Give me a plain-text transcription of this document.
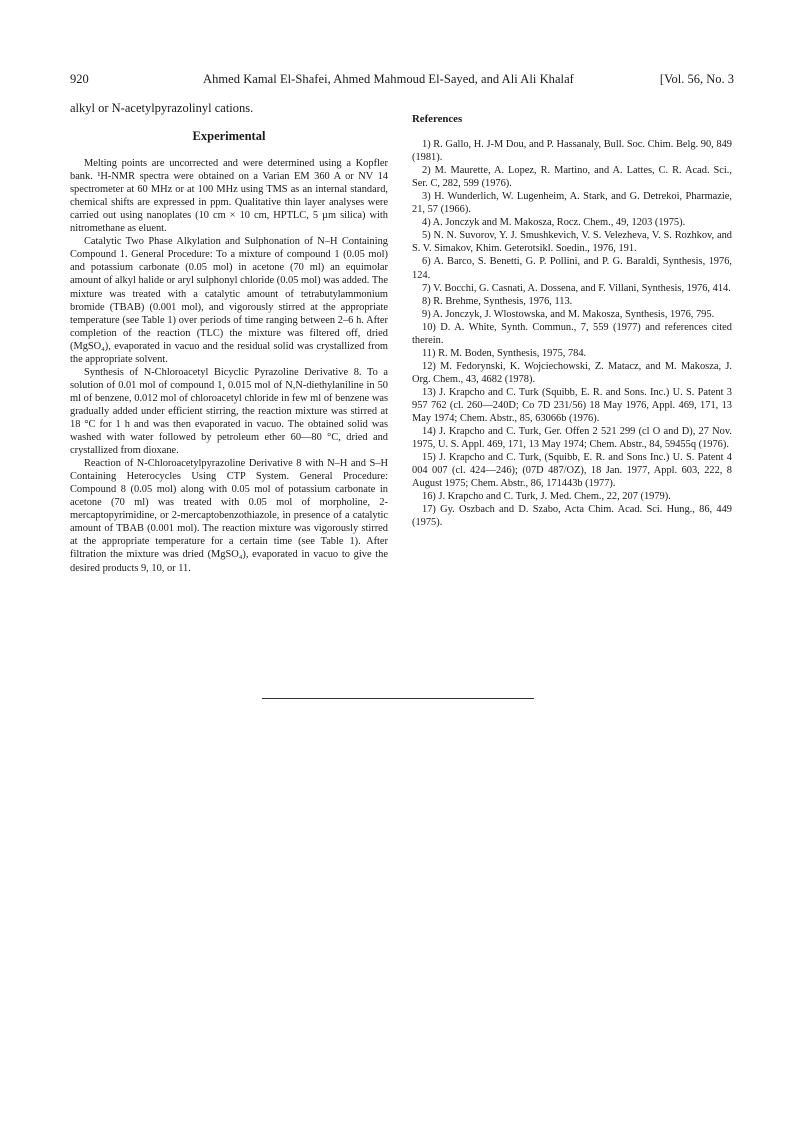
920	Ahmed Kamal El-Shafei, Ahmed Mahmoud El-Sayed, and Ali Ali Khalaf	[Vol. 56, No. 3

alkyl or N-acetylpyrazolinyl cations.

Experimental

Melting points are uncorrected and were determined using a Kopfler bank. ¹H-NMR spectra were obtained on a Varian EM 360 A or NV 14 spectrometer at 60 MHz or at 100 MHz using TMS as an internal standard, chemical shifts are expressed in ppm. Qualitative thin layer analyses were carried out using nanoplates (10 cm × 10 cm, HPTLC, 5 µm silica) with nitromethane as eluent.

Catalytic Two Phase Alkylation and Sulphonation of N–H Containing Compound 1. General Procedure: To a mixture of compound 1 (0.05 mol) and potassium carbonate (0.05 mol) in acetone (70 ml) an equimolar amount of alkyl halide or aryl sulphonyl chloride (0.05 mol) was added. The mixture was treated with a catalytic amount of tetrabutylammonium bromide (TBAB) (0.001 mol), and vigorously stirred at the appropriate temperature (see Table 1) over periods of time ranging between 2–6 h. After completion of the reaction (TLC) the mixture was filtered off, dried (MgSO₄), evaporated in vacuo and the residual solid was crystallized from the appropriate solvent.

Synthesis of N-Chloroacetyl Bicyclic Pyrazoline Derivative 8. To a solution of 0.01 mol of compound 1, 0.015 mol of N,N-diethylaniline in 50 ml of benzene, 0.012 mol of chloroacetyl chloride in few ml of benzene was gradually added under efficient stirring, the reaction mixture was stirred at 18 °C for 1 h and was then evaporated in vacuo. The obtained solid was washed with water followed by petroleum ether 60—80 °C, dried and crystallized from dioxane.

Reaction of N-Chloroacetylpyrazoline Derivative 8 with N–H and S–H Containing Heterocycles Using CTP System. General Procedure: Compound 8 (0.05 mol) along with 0.05 mol of potassium carbonate in acetone (70 ml) was treated with 0.05 mol of morpholine, 2-mercaptopyrimidine, or 2-mercaptobenzothiazole, in presence of a catalytic amount of TBAB (0.001 mol). The reaction mixture was vigorously stirred at the appropriate temperature for a certain time (see Table 1). After filtration the mixture was dried (MgSO₄), evaporated in vacuo to give the desired products 9, 10, or 11.

References

1) R. Gallo, H. J-M Dou, and P. Hassanaly, Bull. Soc. Chim. Belg. 90, 849 (1981).

2) M. Maurette, A. Lopez, R. Martino, and A. Lattes, C. R. Acad. Sci., Ser. C, 282, 599 (1976).

3) H. Wunderlich, W. Lugenheim, A. Stark, and G. Detrekoi, Pharmazie, 21, 57 (1966).

4) A. Jonczyk and M. Makosza, Rocz. Chem., 49, 1203 (1975).

5) N. N. Suvorov, Y. J. Smushkevich, V. S. Velezheva, V. S. Rozhkov, and S. V. Simakov, Khim. Geterotsikl. Soedin., 1976, 191.

6) A. Barco, S. Benetti, G. P. Pollini, and P. G. Baraldi, Synthesis, 1976, 124.

7) V. Bocchi, G. Casnati, A. Dossena, and F. Villani, Synthesis, 1976, 414.

8) R. Brehme, Synthesis, 1976, 113.

9) A. Jonczyk, J. Wlostowska, and M. Makosza, Synthesis, 1976, 795.

10) D. A. White, Synth. Commun., 7, 559 (1977) and references cited therein.

11) R. M. Boden, Synthesis, 1975, 784.

12) M. Fedorynski, K. Wojciechowski, Z. Matacz, and M. Makosza, J. Org. Chem., 43, 4682 (1978).

13) J. Krapcho and C. Turk (Squibb, E. R. and Sons. Inc.) U. S. Patent 3 957 762 (cl. 260—240D; Co 7D 231/56) 18 May 1976, Appl. 469, 171, 13 May 1974; Chem. Abstr., 85, 63066b (1976).

14) J. Krapcho and C. Turk, Ger. Offen 2 521 299 (cl O and D), 27 Nov. 1975, U. S. Appl. 469, 171, 13 May 1974; Chem. Abstr., 84, 59455q (1976).

15) J. Krapcho and C. Turk, (Squibb, E. R. and Sons Inc.) U. S. Patent 4 004 007 (cl. 424—246); (07D 487/OZ), 18 Jan. 1977, Appl. 603, 222, 8 August 1975; Chem. Abstr., 86, 171443b (1977).

16) J. Krapcho and C. Turk, J. Med. Chem., 22, 207 (1979).

17) Gy. Oszbach and D. Szabo, Acta Chim. Acad. Sci. Hung., 86, 449 (1975).
